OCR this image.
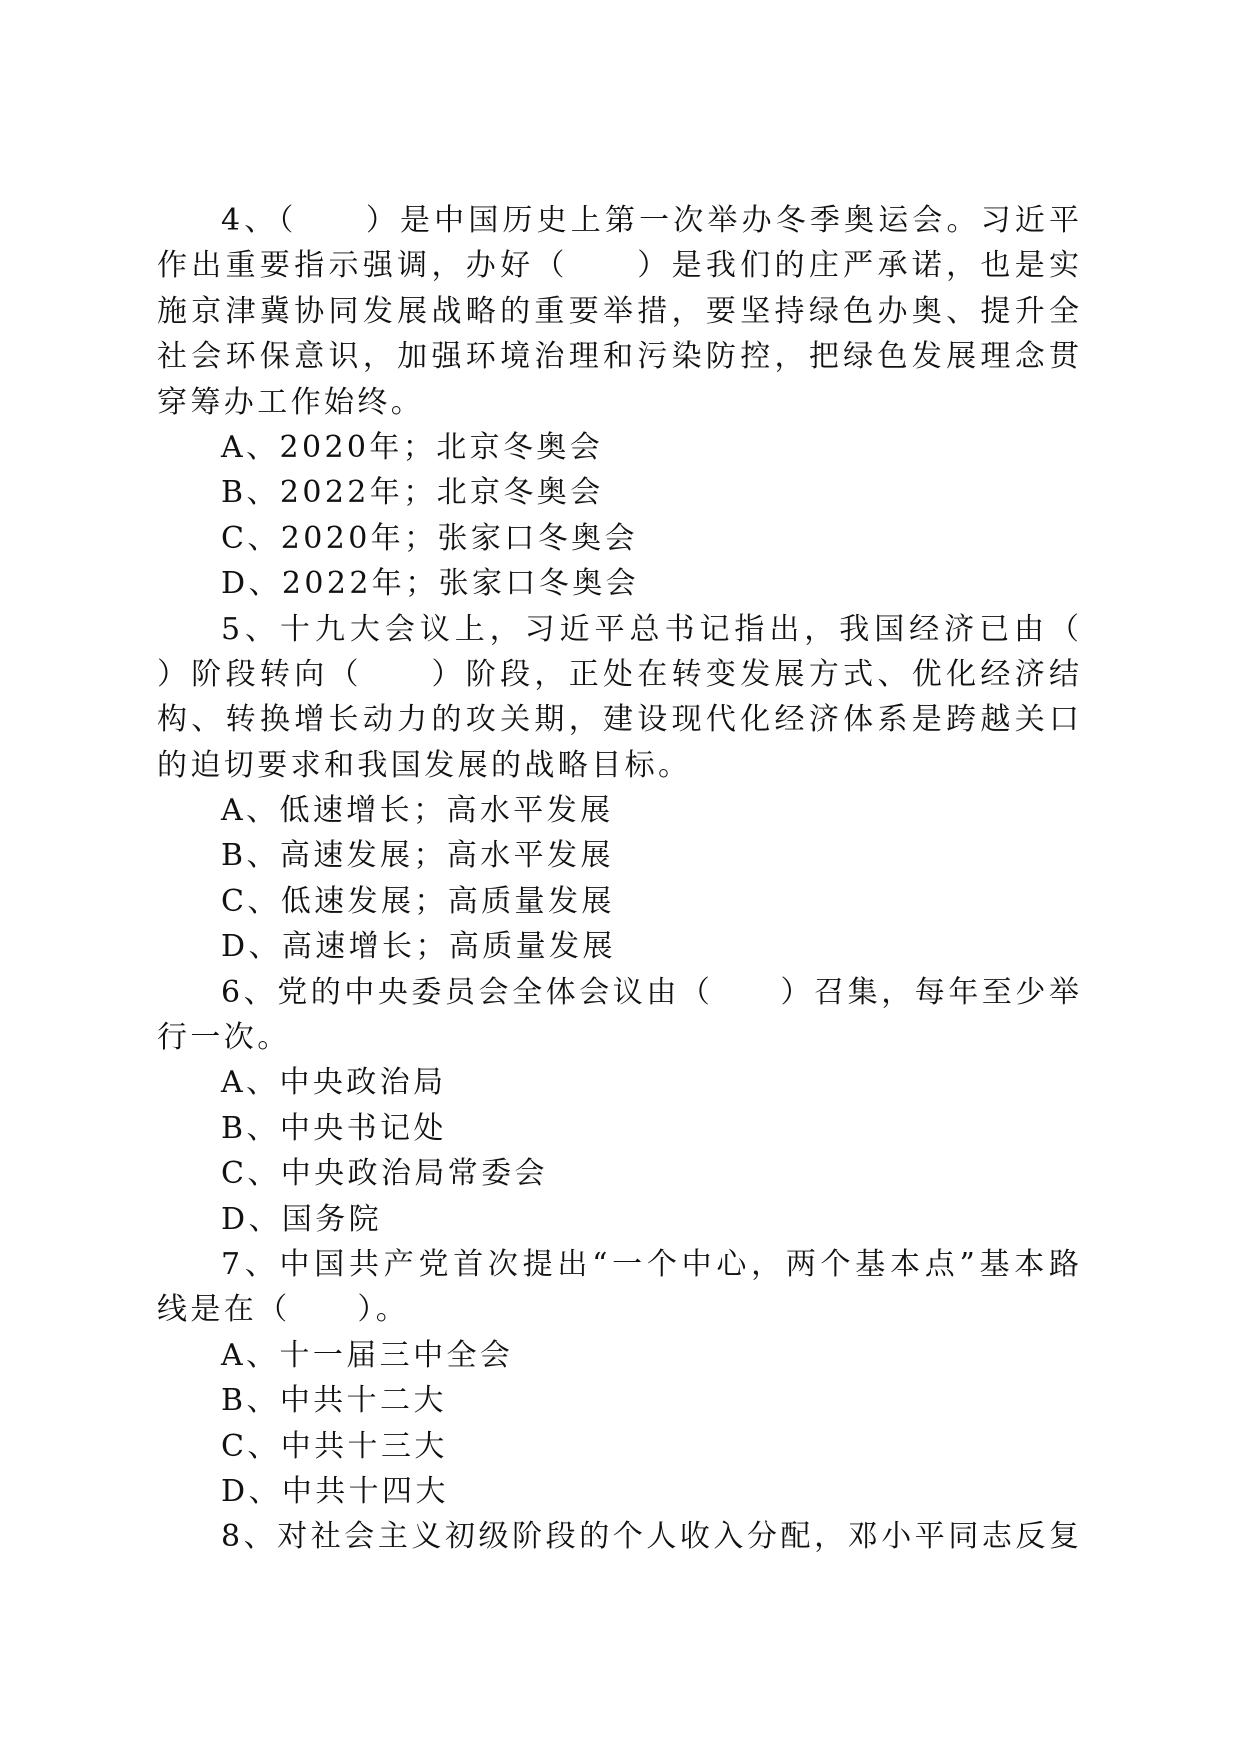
4、（　　）是中国历史上第一次举办冬季奥运会。习近平
作出重要指示强调，办好（　　）是我们的庄严承诺，也是实
施京津冀协同发展战略的重要举措，要坚持绿色办奥、提升全
社会环保意识，加强环境治理和污染防控，把绿色发展理念贯
穿筹办工作始终。
A、2020年；北京冬奥会
B、2022年；北京冬奥会
C、2020年；张家口冬奥会
D、2022年；张家口冬奥会
5、十九大会议上，习近平总书记指出，我国经济已由（
）阶段转向（　　）阶段，正处在转变发展方式、优化经济结
构、转换增长动力的攻关期，建设现代化经济体系是跨越关口
的迫切要求和我国发展的战略目标。
A、低速增长；高水平发展
B、高速发展；高水平发展
C、低速发展；高质量发展
D、高速增长；高质量发展
6、党的中央委员会全体会议由（　　）召集，每年至少举
行一次。
A、中央政治局
B、中央书记处
C、中央政治局常委会
D、国务院
7、中国共产党首次提出“一个中心，两个基本点”基本路
线是在（　　）。
A、十一届三中全会
B、中共十二大
C、中共十三大
D、中共十四大
8、对社会主义初级阶段的个人收入分配，邓小平同志反复
